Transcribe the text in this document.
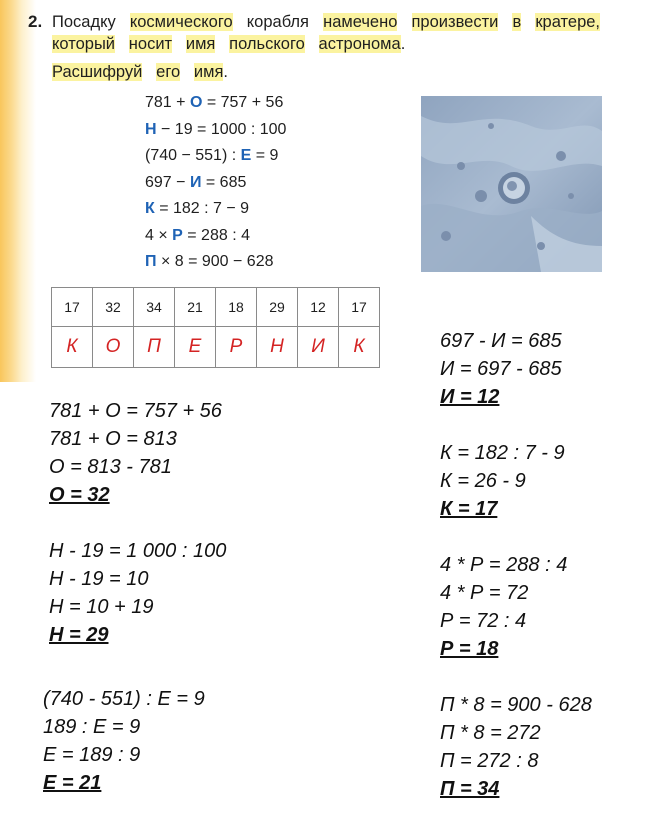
2. Посадку космического корабля намечено произвести в кратере,
который носит имя польского астронома.
Расшифруй его имя.
781 + О = 757 + 56
Н − 19 = 1000 : 100
(740 − 551) : Е = 9
697 − И = 685
К = 182 : 7 − 9
4 × Р = 288 : 4
П × 8 = 900 − 628
17	32	34	21	18	29	12	17
К	О	П	Е	Р	Н	И	К
781 + О = 757 + 56
781 + О = 813
О = 813 - 781
О = 32
Н - 19 = 1 000 : 100
Н - 19 = 10
Н = 10 + 19
Н = 29
(740 - 551) : Е = 9
189 : Е = 9
Е = 189 : 9
Е = 21
697 - И = 685
И = 697 - 685
И = 12
К = 182 : 7 - 9
К = 26 - 9
К = 17
4 * Р = 288 : 4
4 * Р = 72
Р = 72 : 4
Р = 18
П * 8 = 900 - 628
П * 8 = 272
П = 272 : 8
П = 34
